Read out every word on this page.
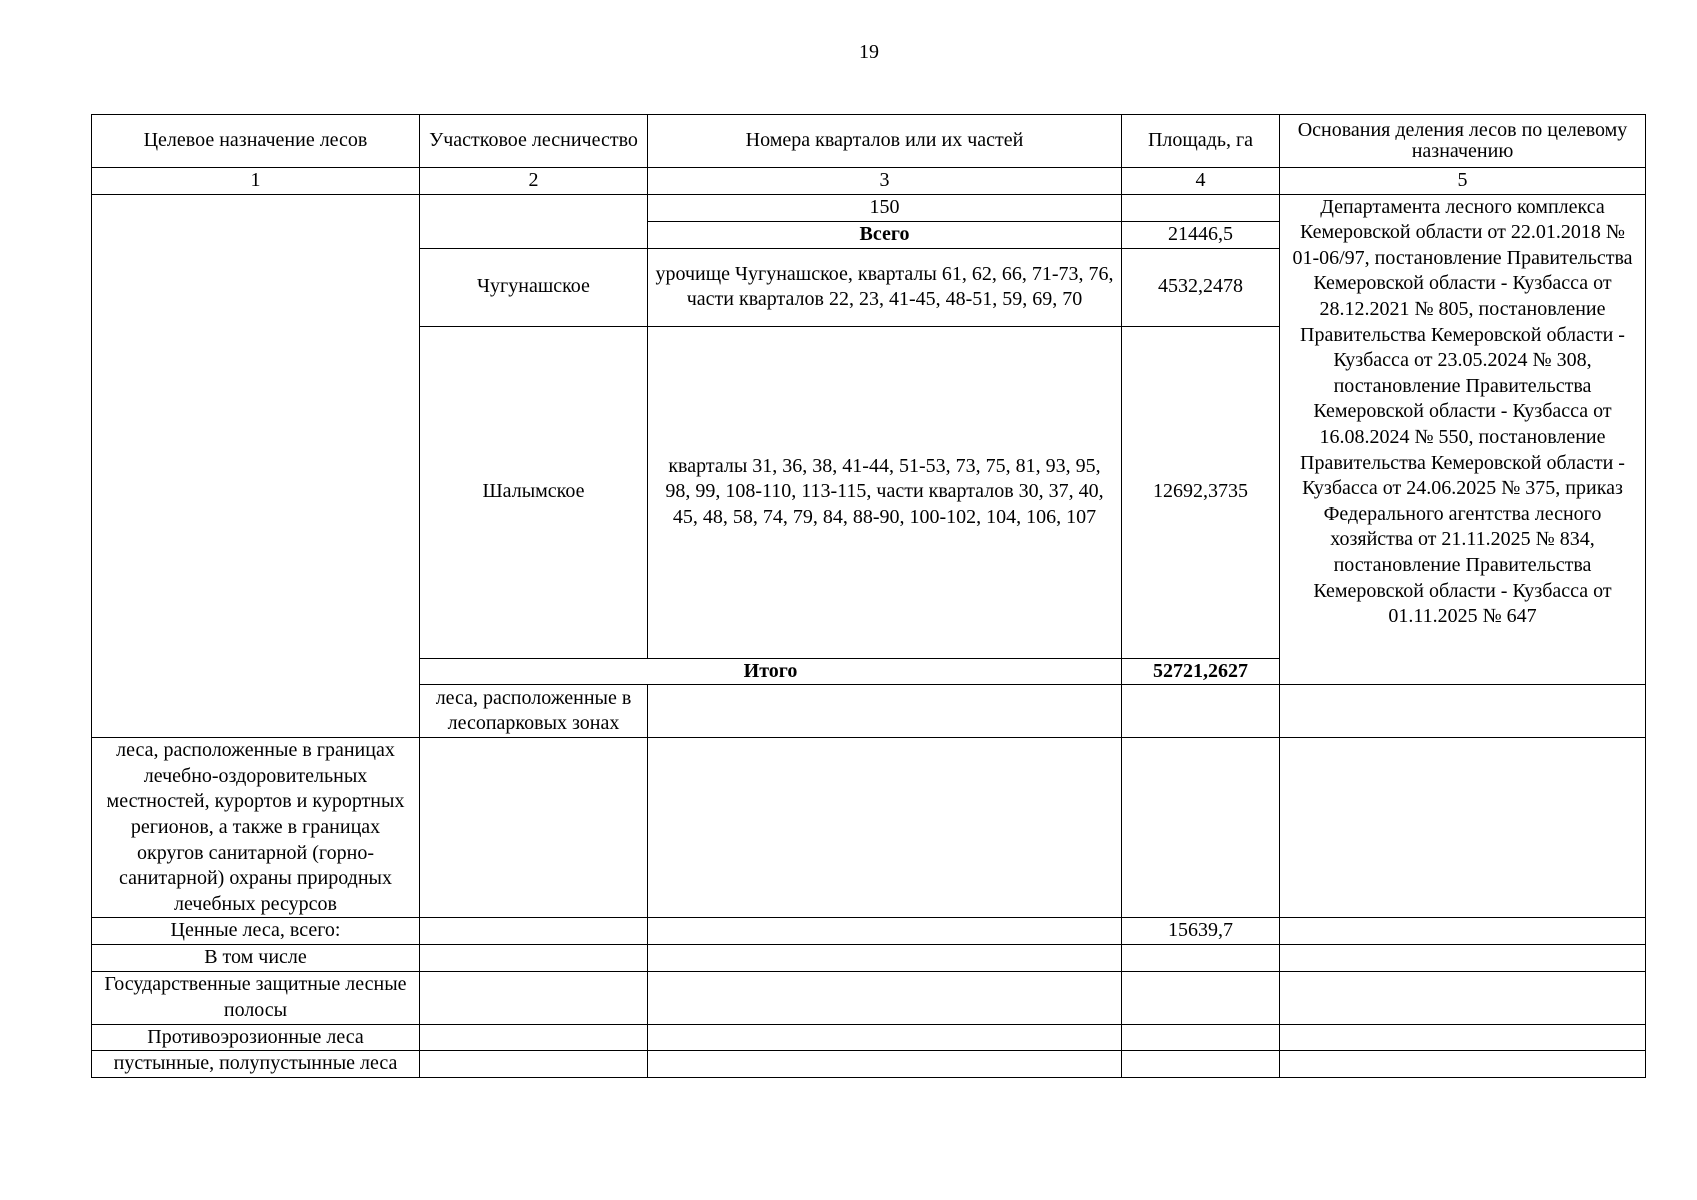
19
Целевое назначение лесов	Участковое лесничество	Номера кварталов или их частей	Площадь, га	Основания деления лесов по целевому назначению	
1	2	3	4	5	
		150		Департамента лесного комплекса Кемеровской области от 22.01.2018 № 01-06/97, постановление Правительства Кемеровской области - Кузбасса от 28.12.2021 № 805, постановление Правительства Кемеровской области - Кузбасса от 23.05.2024 № 308, постановление Правительства Кемеровской области - Кузбасса от 16.08.2024 № 550, постановление Правительства Кемеровской области - Кузбасса от 24.06.2025 № 375, приказ Федерального агентства лесного хозяйства от 21.11.2025 № 834, постановление Правительства Кемеровской области - Кузбасса от 01.11.2025 № 647	
		Всего	21446,5		
	Чугунашское	урочище Чугунашское, кварталы 61, 62, 66, 71-73, 76, части кварталов 22, 23, 41-45, 48-51, 59, 69, 70	4532,2478		
	Шалымское	кварталы 31, 36, 38, 41-44, 51-53, 73, 75, 81, 93, 95, 98, 99, 108-110, 113-115, части кварталов 30, 37, 40, 45, 48, 58, 74, 79, 84, 88-90, 100-102, 104, 106, 107	12692,3735		
	Итого		52721,2627		
	леса, расположенные в лесопарковых зонах				
леса, расположенные в границах лечебно-оздоровительных местностей, курортов и курортных регионов, а также в границах округов санитарной (горно-санитарной) охраны природных лечебных ресурсов					
Ценные леса, всего:			15639,7		
В том числе					
Государственные защитные лесные полосы					
Противоэрозионные леса					
пустынные, полупустынные леса					
